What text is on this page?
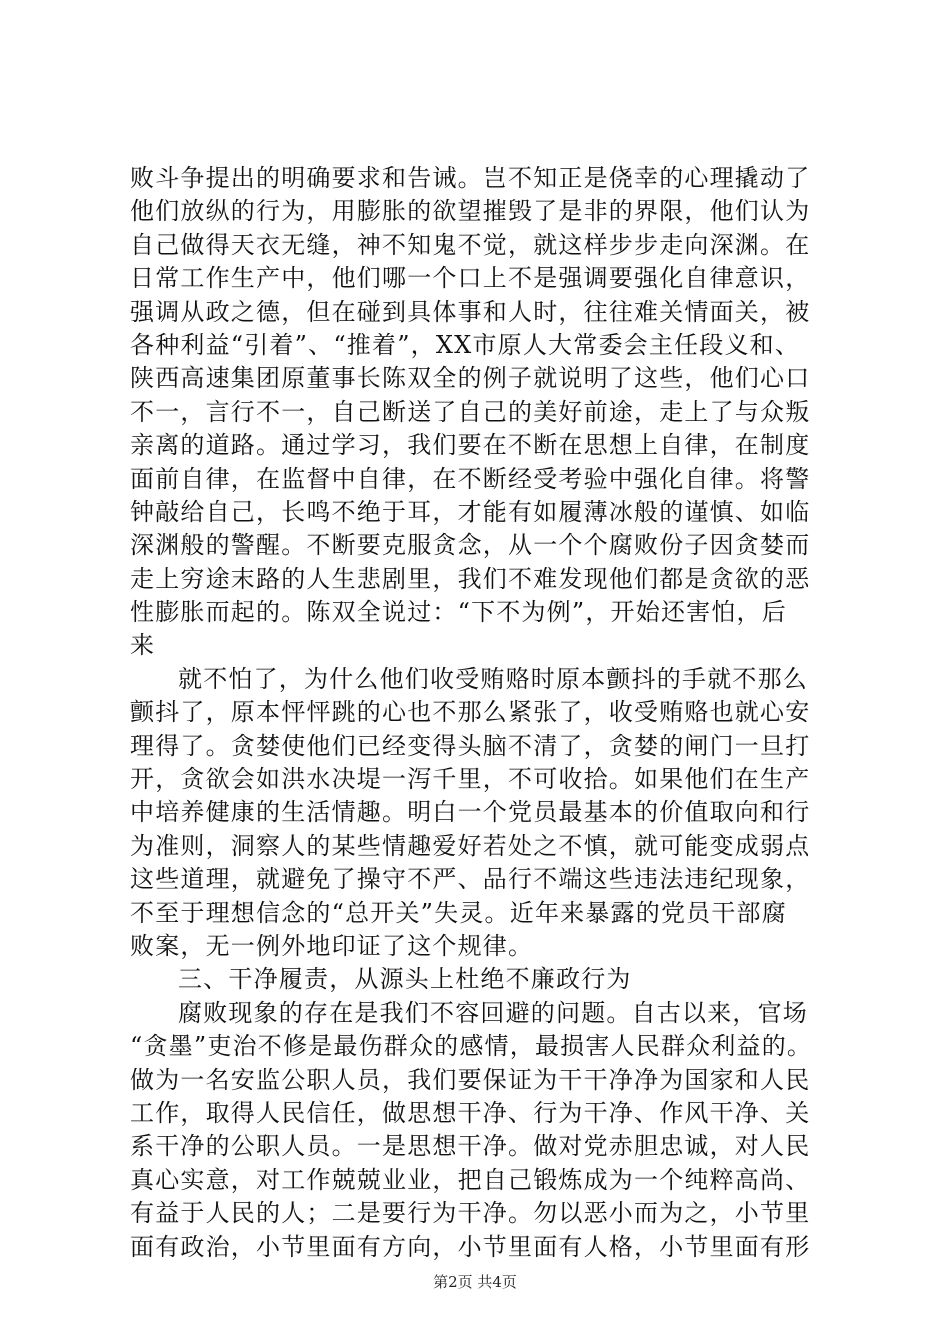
败斗争提出的明确要求和告诫。岂不知正是侥幸的心理撬动了
他们放纵的行为，用膨胀的欲望摧毁了是非的界限，他们认为
自己做得天衣无缝，神不知鬼不觉，就这样步步走向深渊。在
日常工作生产中，他们哪一个口上不是强调要强化自律意识，
强调从政之德，但在碰到具体事和人时，往往难关情面关，被
各种利益“引着”、“推着”，XX市原人大常委会主任段义和、
陕西高速集团原董事长陈双全的例子就说明了这些，他们心口
不一，言行不一，自己断送了自己的美好前途，走上了与众叛
亲离的道路。通过学习，我们要在不断在思想上自律，在制度
面前自律，在监督中自律，在不断经受考验中强化自律。将警
钟敲给自己，长鸣不绝于耳，才能有如履薄冰般的谨慎、如临
深渊般的警醒。不断要克服贪念，从一个个腐败份子因贪婪而
走上穷途末路的人生悲剧里，我们不难发现他们都是贪欲的恶
性膨胀而起的。陈双全说过：“下不为例”，开始还害怕，后
来
就不怕了，为什么他们收受贿赂时原本颤抖的手就不那么
颤抖了，原本怦怦跳的心也不那么紧张了，收受贿赂也就心安
理得了。贪婪使他们已经变得头脑不清了，贪婪的闸门一旦打
开，贪欲会如洪水决堤一泻千里，不可收拾。如果他们在生产
中培养健康的生活情趣。明白一个党员最基本的价值取向和行
为准则，洞察人的某些情趣爱好若处之不慎，就可能变成弱点
这些道理，就避免了操守不严、品行不端这些违法违纪现象，
不至于理想信念的“总开关”失灵。近年来暴露的党员干部腐
败案，无一例外地印证了这个规律。
三、干净履责，从源头上杜绝不廉政行为
腐败现象的存在是我们不容回避的问题。自古以来，官场
“贪墨”吏治不修是最伤群众的感情，最损害人民群众利益的。
做为一名安监公职人员，我们要保证为干干净净为国家和人民
工作，取得人民信任，做思想干净、行为干净、作风干净、关
系干净的公职人员。一是思想干净。做对党赤胆忠诚，对人民
真心实意，对工作兢兢业业，把自己锻炼成为一个纯粹高尚、
有益于人民的人；二是要行为干净。勿以恶小而为之，小节里
面有政治，小节里面有方向，小节里面有人格，小节里面有形
第2页 共4页
